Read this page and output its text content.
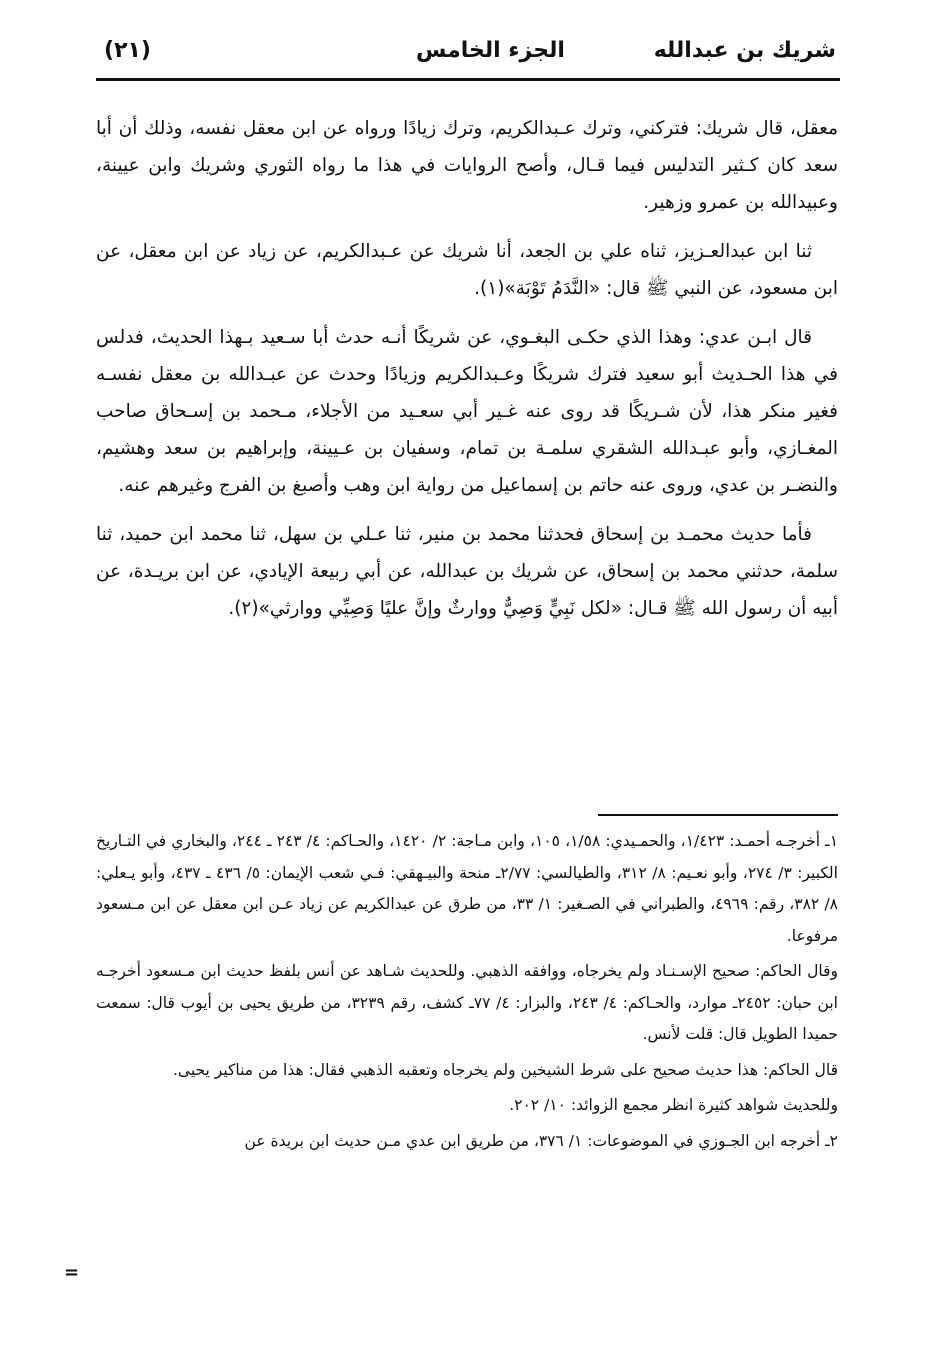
شريك بن عبدالله
الجزء الخامس
(٢١)

معقل، قال شريك: فتركني، وترك عـبدالكريم، وترك زيادًا ورواه عن ابن معقل نفسه، وذلك أن أبا سعد كان كـثير التدليس فيما قـال، وأصح الروايات في هذا ما رواه الثوري وشريك وابن عيينة، وعبيدالله بن عمرو وزهير.

ثنا ابن عبدالعـزيز، ثناه علي بن الجعد، أنا شريك عن عـبدالكريم، عن زياد عن ابن معقل، عن ابن مسعود، عن النبي ﷺ قال: «النَّدَمُ تَوْبَة»(١).

قال ابـن عدي: وهذا الذي حكـى البغـوي، عن شريكًا أنـه حدث أبا سـعيد بـهذا الحديث، فدلس في هذا الحـديث أبو سعيد فترك شريكًا وعـبدالكريم وزيادًا وحدث عن عبـدالله بن معقل نفسـه فغير منكر هذا، لأن شـريكًا قد روى عنه غـير أبي سعـيد من الأجلاء، مـحمد بن إسـحاق صاحب المغـازي، وأبو عبـدالله الشقري سلمـة بن تمام، وسفيان بن عـيينة، وإبراهيم بن سعد وهشيم، والنضـر بن عدي، وروى عنه حاتم بن إسماعيل من رواية ابن وهب وأصبغ بن الفرج وغيرهم عنه.

فأما حديث محمـد بن إسحاق فحدثنا محمد بن منير، ثنا عـلي بن سهل، ثنا محمد ابن حميد، ثنا سلمة، حدثني محمد بن إسحاق، عن شريك بن عبدالله، عن أبي ربيعة الإيادي، عن ابن بريـدة، عن أبيه أن رسول الله ﷺ قـال: «لكل نَبِيٍّ وَصِيٌّ ووارثٌ وإنَّ عليًا وَصِيِّي ووارثي»(٢).

١ـ أخرجـه أحمـد: ١/٤٢٣، والحمـيدي: ١/٥٨، ١٠٥، وابن مـاجة: ٢/ ١٤٢٠، والحـاكم: ٤/ ٢٤٣ ـ ٢٤٤، والبخاري في التـاريخ الكبير: ٣/ ٢٧٤، وأبو نعـيم: ٨/ ٣١٢، والطيالسي: ٢/٧٧ـ منحة والبيـهقي: فـي شعب الإيمان: ٥/ ٤٣٦ ـ ٤٣٧، وأبو يـعلي: ٨/ ٣٨٢، رقم: ٤٩٦٩، والطبراني في الصـغير: ١/ ٣٣، من طرق عن عبدالكريم عن زياد عـن ابن معقل عن ابن مـسعود مرفوعا.

وقال الحاكم: صحيح الإسـنـاد ولم يخرجاه، ووافقه الذهبي. وللحديث شـاهد عن أنس بلفظ حديث ابن مـسعود أخرجـه ابن حبان: ٢٤٥٢ـ موارد، والحـاكم: ٤/ ٢٤٣، والبزار: ٤/ ٧٧ـ كشف، رقم ٣٢٣٩، من طريق يحيى بن أيوب قال: سمعت حميدا الطويل قال: قلت لأنس.

قال الحاكم: هذا حديث صحيح على شرط الشيخين ولم يخرجاه وتعقبه الذهبي فقال: هذا من مناكير يحيى.

وللحديث شواهد كثيرة انظر مجمع الزوائد: ١٠/ ٢٠٢.

٢ـ أخرجه ابن الجـوزي في الموضوعات: ١/ ٣٧٦، من طريق ابن عدي مـن حديث ابن بريدة عن

=
